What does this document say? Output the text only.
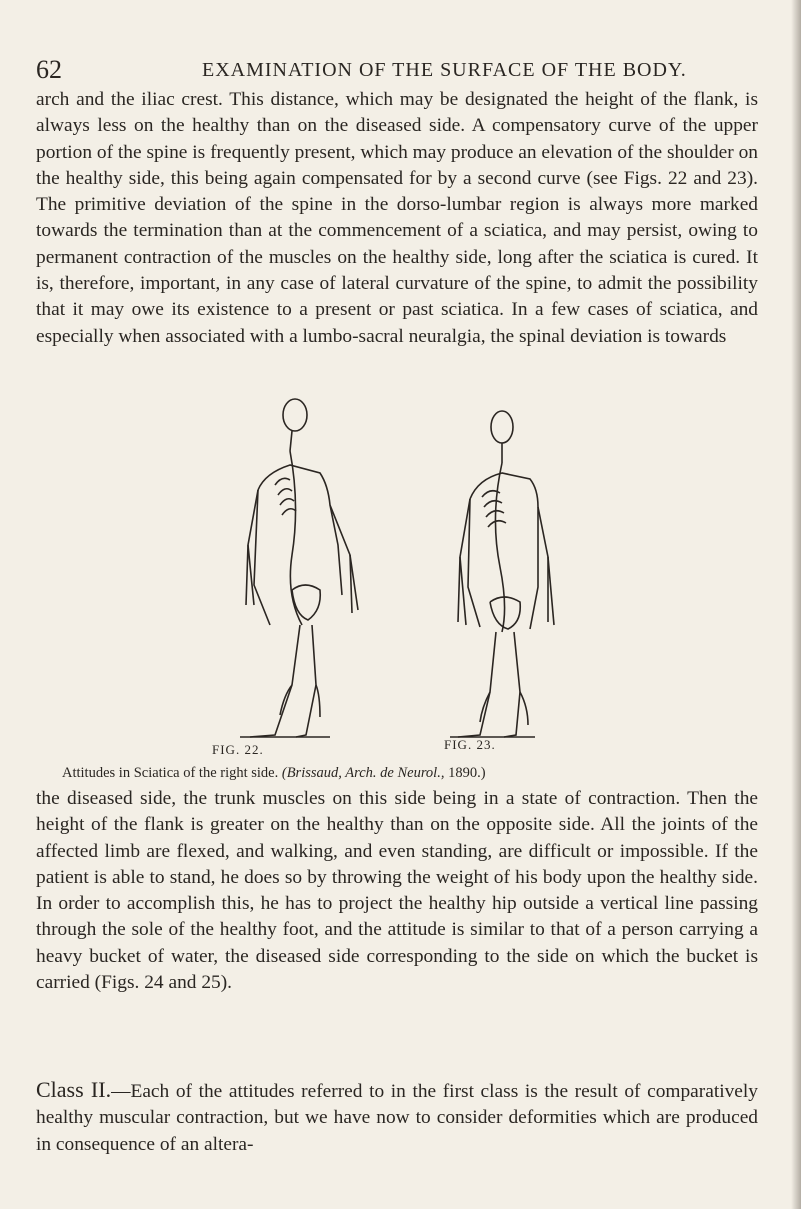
62	EXAMINATION OF THE SURFACE OF THE BODY.

arch and the iliac crest. This distance, which may be designated the height of the flank, is always less on the healthy than on the diseased side. A compensatory curve of the upper portion of the spine is frequently present, which may produce an elevation of the shoulder on the healthy side, this being again compensated for by a second curve (see Figs. 22 and 23). The primitive deviation of the spine in the dorso-lumbar region is always more marked towards the termination than at the commencement of a sciatica, and may persist, owing to permanent contraction of the muscles on the healthy side, long after the sciatica is cured. It is, therefore, important, in any case of lateral curvature of the spine, to admit the possibility that it may owe its existence to a present or past sciatica. In a few cases of sciatica, and especially when associated with a lumbo-sacral neuralgia, the spinal deviation is towards

FIG. 22.	FIG. 23.
Attitudes in Sciatica of the right side. (Brissaud, Arch. de Neurol., 1890.)

the diseased side, the trunk muscles on this side being in a state of contraction. Then the height of the flank is greater on the healthy than on the opposite side. All the joints of the affected limb are flexed, and walking, and even standing, are difficult or impossible. If the patient is able to stand, he does so by throwing the weight of his body upon the healthy side. In order to accomplish this, he has to project the healthy hip outside a vertical line passing through the sole of the healthy foot, and the attitude is similar to that of a person carrying a heavy bucket of water, the diseased side corresponding to the side on which the bucket is carried (Figs. 24 and 25).

Class II.—Each of the attitudes referred to in the first class is the result of comparatively healthy muscular contraction, but we have now to consider deformities which are produced in consequence of an altera-
